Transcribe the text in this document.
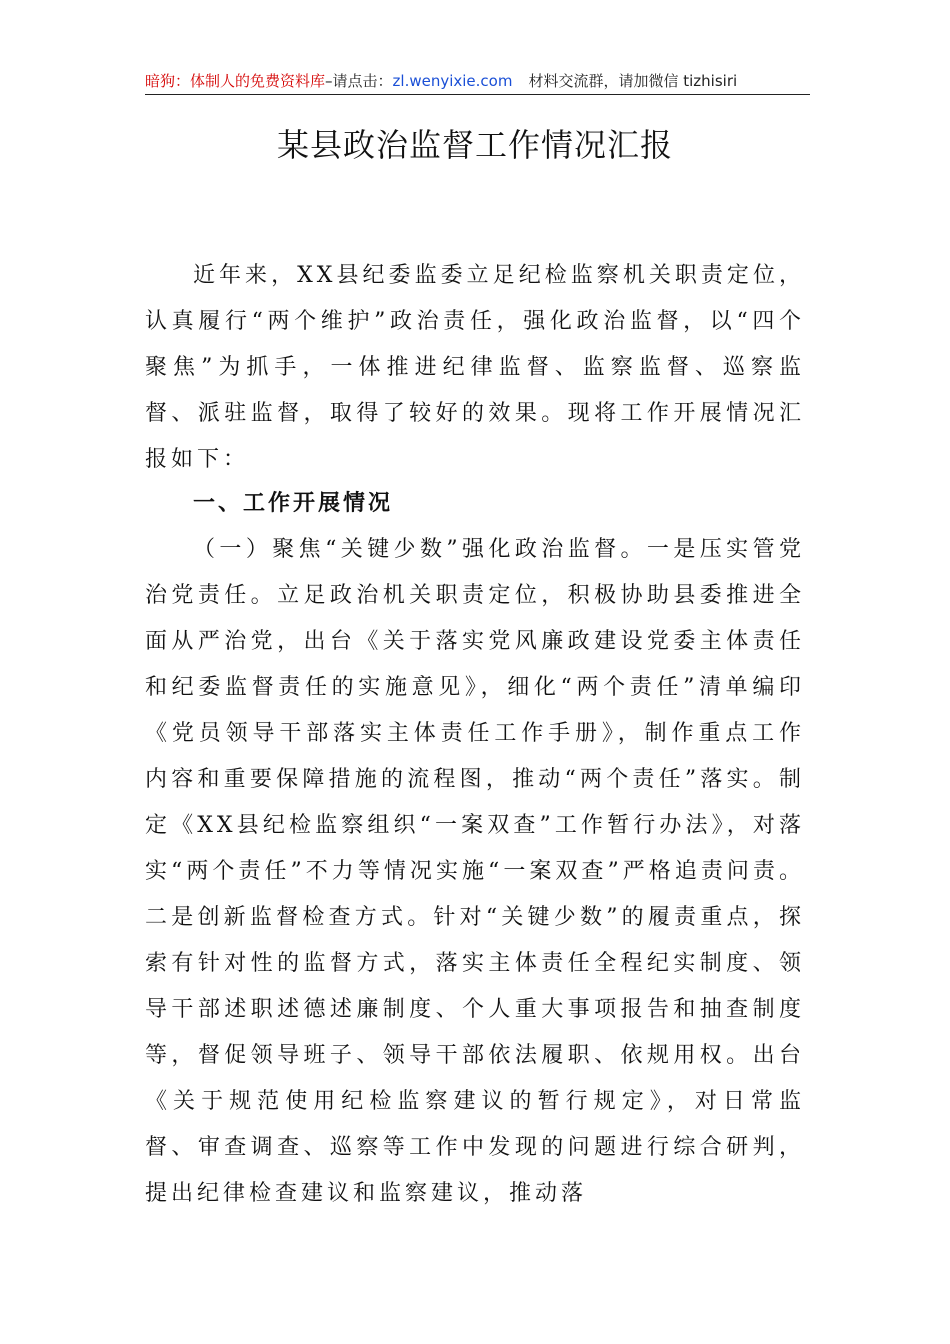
暗狗：体制人的免费资料库–请点击：zl.wenyixie.com 材料交流群，请加微信 tizhisiri
某县政治监督工作情况汇报

近年来，XX县纪委监委立足纪检监察机关职责定位，认真履行“两个维护”政治责任，强化政治监督，以“四个聚焦”为抓手，一体推进纪律监督、监察监督、巡察监督、派驻监督，取得了较好的效果。现将工作开展情况汇报如下：

一、工作开展情况

（一）聚焦“关键少数”强化政治监督。一是压实管党治党责任。立足政治机关职责定位，积极协助县委推进全面从严治党，出台《关于落实党风廉政建设党委主体责任和纪委监督责任的实施意见》，细化“两个责任”清单编印《党员领导干部落实主体责任工作手册》，制作重点工作内容和重要保障措施的流程图，推动“两个责任”落实。制定《XX县纪检监察组织“一案双查”工作暂行办法》，对落实“两个责任”不力等情况实施“一案双查”严格追责问责。二是创新监督检查方式。针对“关键少数”的履责重点，探索有针对性的监督方式，落实主体责任全程纪实制度、领导干部述职述德述廉制度、个人重大事项报告和抽查制度等，督促领导班子、领导干部依法履职、依规用权。出台《关于规范使用纪检监察建议的暂行规定》，对日常监督、审查调查、巡察等工作中发现的问题进行综合研判，提出纪律检查建议和监察建议，推动落
